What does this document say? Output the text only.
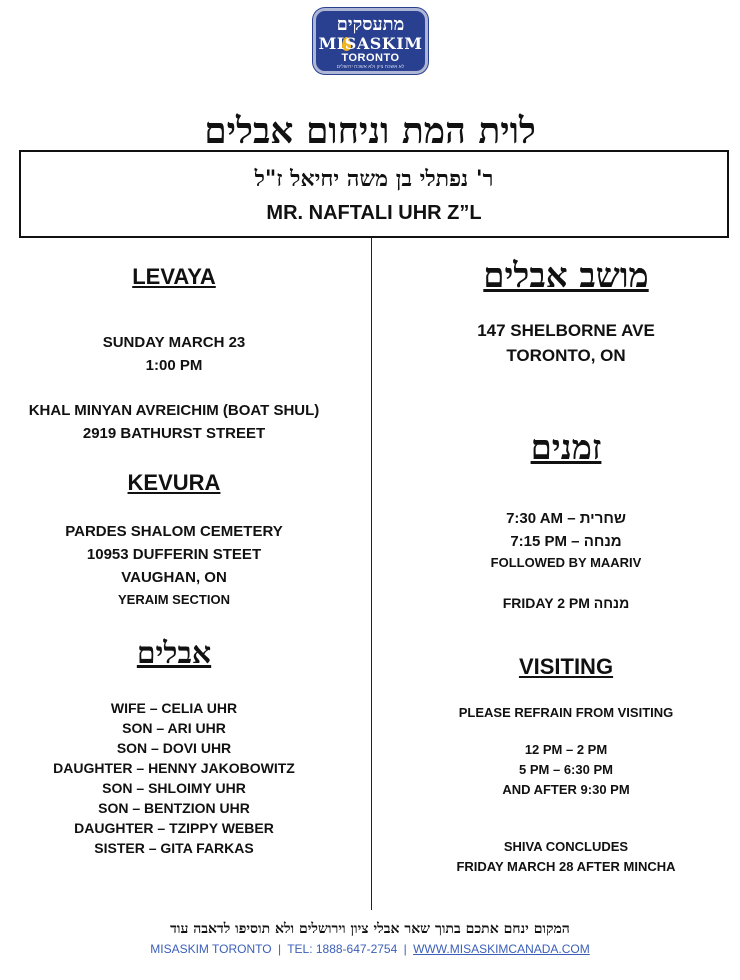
מתעסקים
MISASKIM
TORONTO
לא אשכח ציון ולא אשכח ירושלים
לוית המת וניחום אבלים
ר' נפתלי בן משה יחיאל ז"ל
MR. NAFTALI UHR Z”L
LEVAYA
SUNDAY MARCH 23
1:00 PM
KHAL MINYAN AVREICHIM (BOAT SHUL)
2919 BATHURST STREET
KEVURA
PARDES SHALOM CEMETERY
10953 DUFFERIN STEET
VAUGHAN, ON
YERAIM SECTION
אבלים
WIFE – CELIA UHR
SON – ARI UHR
SON – DOVI UHR
DAUGHTER – HENNY JAKOBOWITZ
SON – SHLOIMY UHR
SON – BENTZION UHR
DAUGHTER – TZIPPY WEBER
SISTER – GITA FARKAS
מושב אבלים
147 SHELBORNE AVE
TORONTO, ON
זמנים
7:30 AM – שחרית
7:15 PM – מנחה
FOLLOWED BY MAARIV
מנחה FRIDAY 2 PM
VISITING
PLEASE REFRAIN FROM VISITING
12 PM – 2 PM
5 PM – 6:30 PM
AND AFTER 9:30 PM
SHIVA CONCLUDES
FRIDAY MARCH 28 AFTER MINCHA
המקום ינחם אתכם בתוך שאר אבלי ציון וירושלים ולא תוסיפו לדאבה עוד
MISASKIM TORONTO | TEL: 1888-647-2754 | WWW.MISASKIMCANADA.COM
